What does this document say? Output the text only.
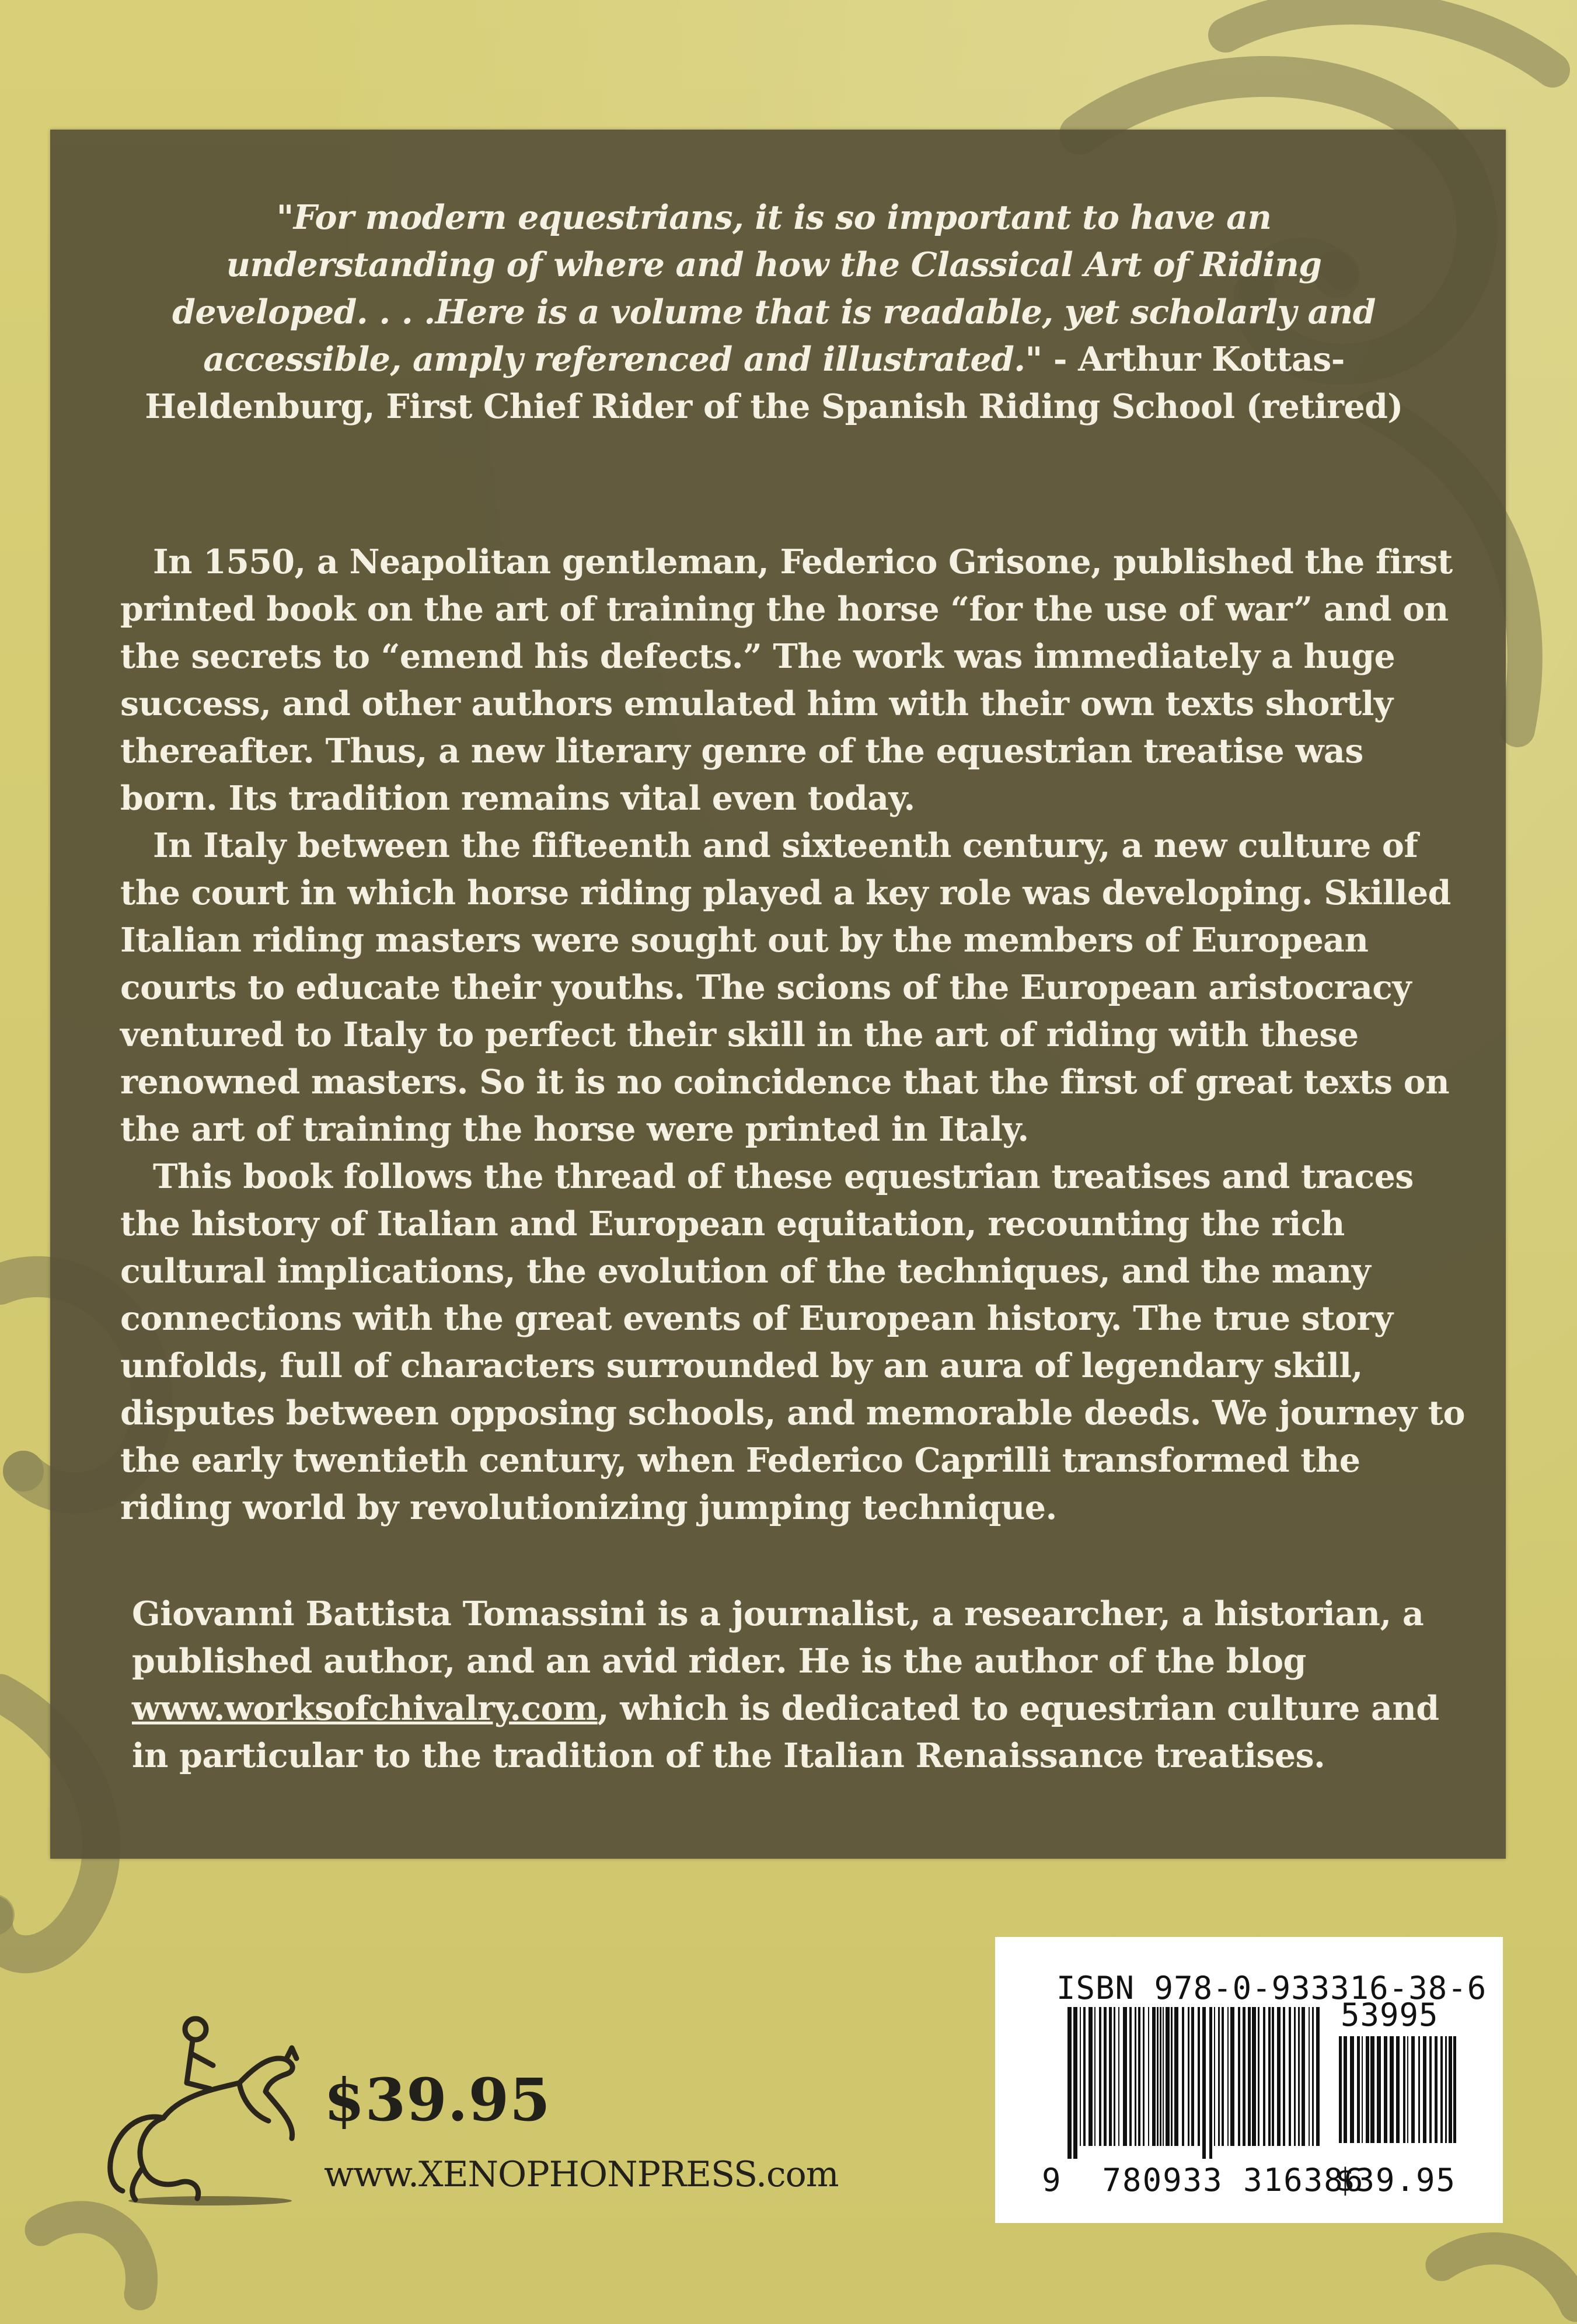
"For modern equestrians, it is so important to have an understanding of where and how the Classical Art of Riding developed. . . .Here is a volume that is readable, yet scholarly and accessible, amply referenced and illustrated." - Arthur Kottas-Heldenburg, First Chief Rider of the Spanish Riding School (retired)

In 1550, a Neapolitan gentleman, Federico Grisone, published the first printed book on the art of training the horse “for the use of war” and on the secrets to “emend his defects.” The work was immediately a huge success, and other authors emulated him with their own texts shortly thereafter. Thus, a new literary genre of the equestrian treatise was born. Its tradition remains vital even today.

In Italy between the fifteenth and sixteenth century, a new culture of the court in which horse riding played a key role was developing. Skilled Italian riding masters were sought out by the members of European courts to educate their youths. The scions of the European aristocracy ventured to Italy to perfect their skill in the art of riding with these renowned masters. So it is no coincidence that the first of great texts on the art of training the horse were printed in Italy.

This book follows the thread of these equestrian treatises and traces the history of Italian and European equitation, recounting the rich cultural implications, the evolution of the techniques, and the many connections with the great events of European history. The true story unfolds, full of characters surrounded by an aura of legendary skill, disputes between opposing schools, and memorable deeds. We journey to the early twentieth century, when Federico Caprilli transformed the riding world by revolutionizing jumping technique.

Giovanni Battista Tomassini is a journalist, a researcher, a historian, a published author, and an avid rider. He is the author of the blog www.worksofchivalry.com, which is dedicated to equestrian culture and in particular to the tradition of the Italian Renaissance treatises.
$39.95
www.XENOPHONPRESS.com
ISBN 978-0-933316-38-6
53995
9 780933 316386
$39.95
